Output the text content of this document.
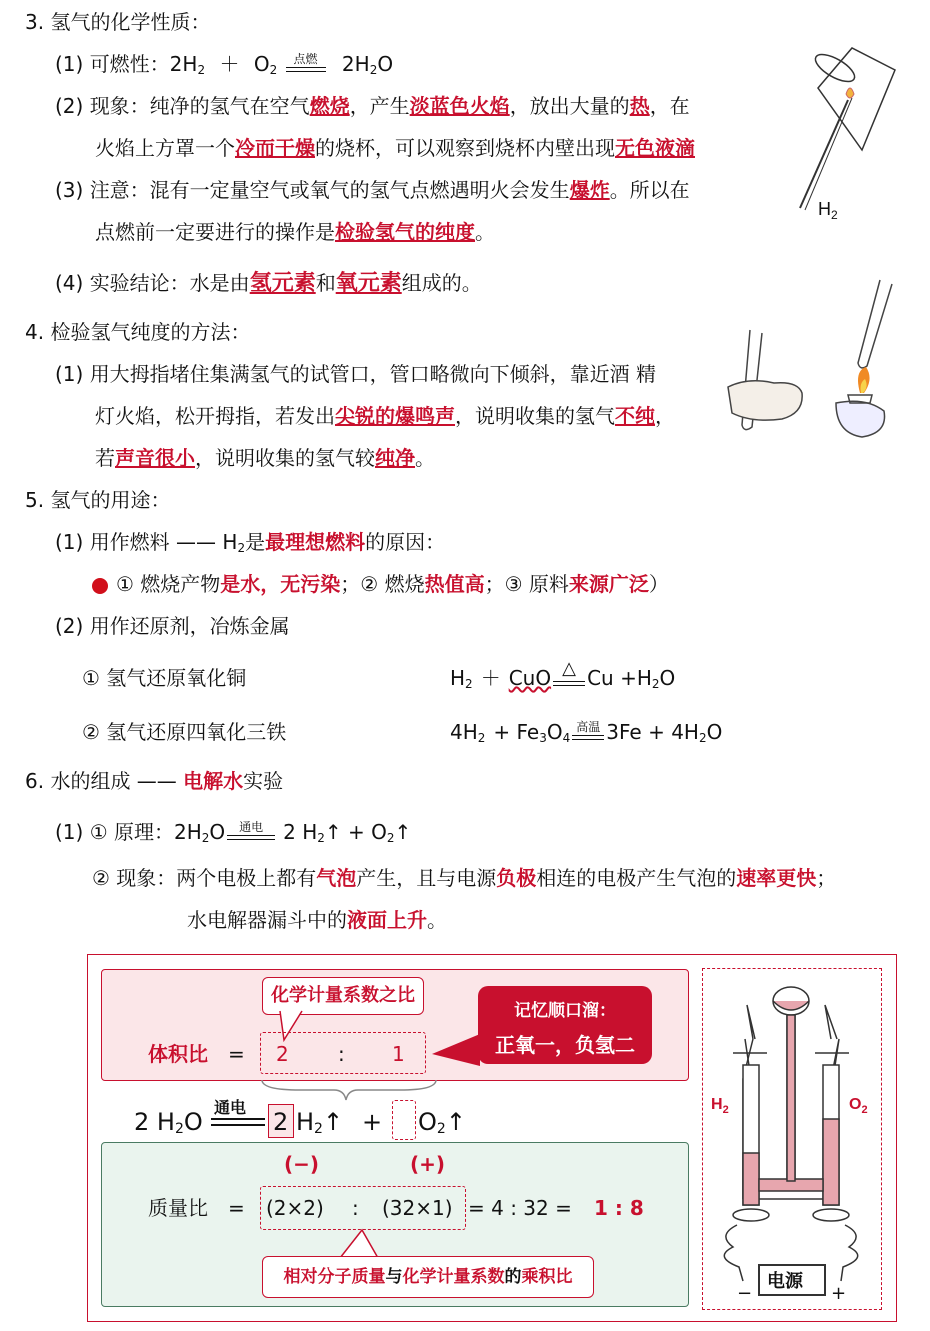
3. 氢气的化学性质：
(1) 可燃性：$2H_2 + O_2$
点燃	$2H_2O$
(2) 现象：纯净的氢气在空气燃烧，产生淡蓝色火焰，放出大量的热，在
火焰上方罩一个冷而干燥的烧杯，可以观察到烧杯内壁出现无色液滴
(3) 注意：混有一定量空气或氧气的氢气点燃遇明火会发生爆炸。所以在
点燃前一定要进行的操作是检验氢气的纯度。
(4) 实验结论：水是由氢元素和氧元素组成的。
$H_2$
4. 检验氢气纯度的方法：
(1) 用大拇指堵住集满氢气的试管口，管口略微向下倾斜，靠近酒 精
灯火焰，松开拇指，若发出尖锐的爆鸣声，说明收集的氢气不纯，
若声音很小，说明收集的氢气较纯净。
5. 氢气的用途：
(1) 用作燃料 —— $H_2$是最理想燃料的原因：
① 燃烧产物是水，无污染；② 燃烧热值高；③ 原料来源广泛）
(2) 用作还原剂，冶炼金属
① 氢气还原氧化铜	$H_2$ ＋ CuO △ $Cu +H_2O$
② 氢气还原四氧化三铁	$4H_2 + Fe_3O_4$
高温 $3Fe + 4H_2O$
6. 水的组成 —— 电解水实验
(1) ① 原理：$2H_2O$	通电	2 $H_2↑$ + $O_2↑$
② 现象：两个电极上都有气泡产生，且与电源负极相连的电极产生气泡的速率更快；
水电解器漏斗中的液面上升。
化学计量系数之比
体积比 = 2 : 1
记忆顺口溜：
正氧一，负氢二
2 $H_2O$
通电
2 $H_2↑$ + $O_2↑$
(−)	(+)
质量比 = (2×2) : (32×1) = 4 : 32 = 1 : 8
相对分子质量与化学计量系数的乘积比
$H_2$	$O_2$
电源
−	+
